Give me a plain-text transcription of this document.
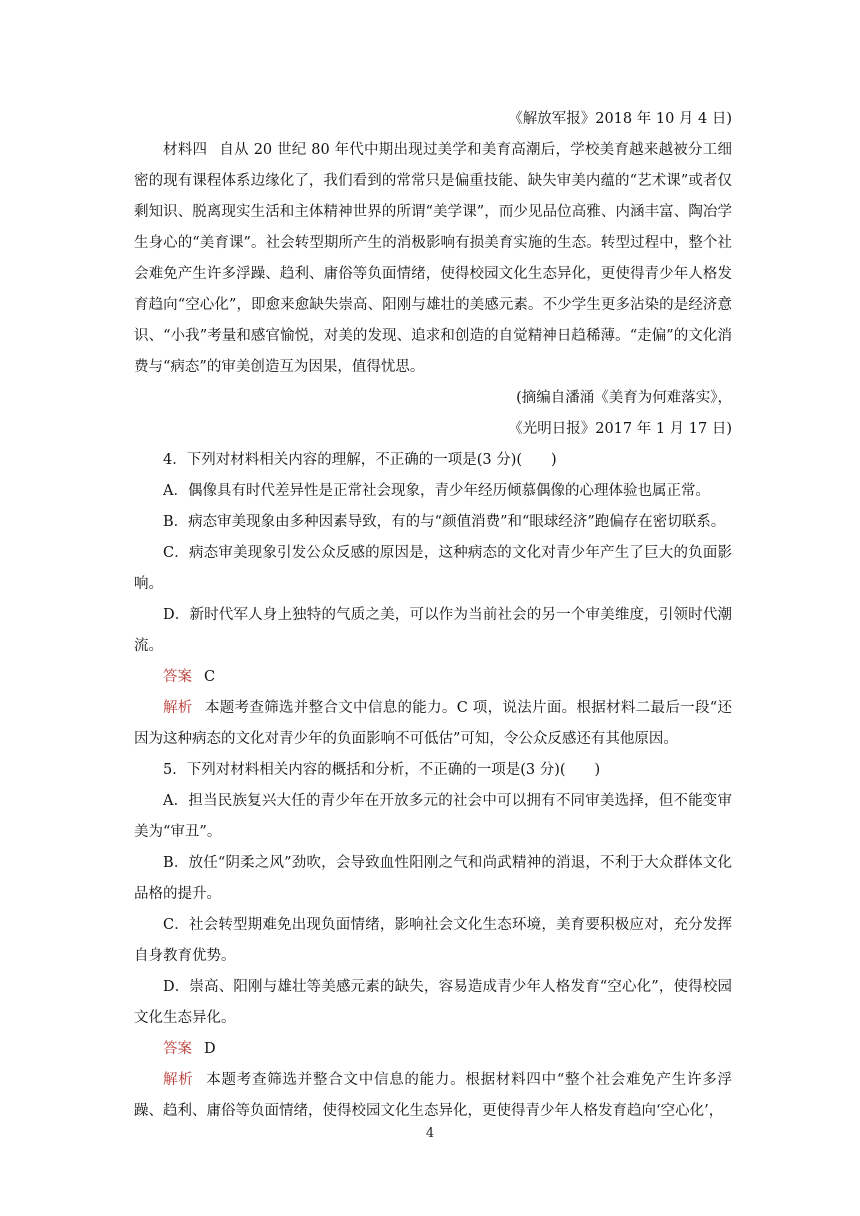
《解放军报》2018 年 10 月 4 日)

材料四 自从 20 世纪 80 年代中期出现过美学和美育高潮后，学校美育越来越被分工细密的现有课程体系边缘化了，我们看到的常常只是偏重技能、缺失审美内蕴的“艺术课”或者仅剩知识、脱离现实生活和主体精神世界的所谓“美学课”，而少见品位高雅、内涵丰富、陶冶学生身心的“美育课”。社会转型期所产生的消极影响有损美育实施的生态。转型过程中，整个社会难免产生许多浮躁、趋利、庸俗等负面情绪，使得校园文化生态异化，更使得青少年人格发育趋向“空心化”，即愈来愈缺失崇高、阳刚与雄壮的美感元素。不少学生更多沾染的是经济意识、“小我”考量和感官愉悦，对美的发现、追求和创造的自觉精神日趋稀薄。“走偏”的文化消费与“病态”的审美创造互为因果，值得忧思。

(摘编自潘涌《美育为何难落实》，

《光明日报》2017 年 1 月 17 日)

4．下列对材料相关内容的理解，不正确的一项是(3 分)(　　)

A．偶像具有时代差异性是正常社会现象，青少年经历倾慕偶像的心理体验也属正常。

B．病态审美现象由多种因素导致，有的与“颜值消费”和“眼球经济”跑偏存在密切联系。

C．病态审美现象引发公众反感的原因是，这种病态的文化对青少年产生了巨大的负面影响。

D．新时代军人身上独特的气质之美，可以作为当前社会的另一个审美维度，引领时代潮流。

答案 C

解析 本题考查筛选并整合文中信息的能力。C 项，说法片面。根据材料二最后一段“还因为这种病态的文化对青少年的负面影响不可低估”可知，令公众反感还有其他原因。

5．下列对材料相关内容的概括和分析，不正确的一项是(3 分)(　　)

A．担当民族复兴大任的青少年在开放多元的社会中可以拥有不同审美选择，但不能变审美为“审丑”。

B．放任“阴柔之风”劲吹，会导致血性阳刚之气和尚武精神的消退，不利于大众群体文化品格的提升。

C．社会转型期难免出现负面情绪，影响社会文化生态环境，美育要积极应对，充分发挥自身教育优势。

D．崇高、阳刚与雄壮等美感元素的缺失，容易造成青少年人格发育“空心化”，使得校园文化生态异化。

答案 D

解析 本题考查筛选并整合文中信息的能力。根据材料四中“整个社会难免产生许多浮躁、趋利、庸俗等负面情绪，使得校园文化生态异化，更使得青少年人格发育趋向‘空心化’，

4
